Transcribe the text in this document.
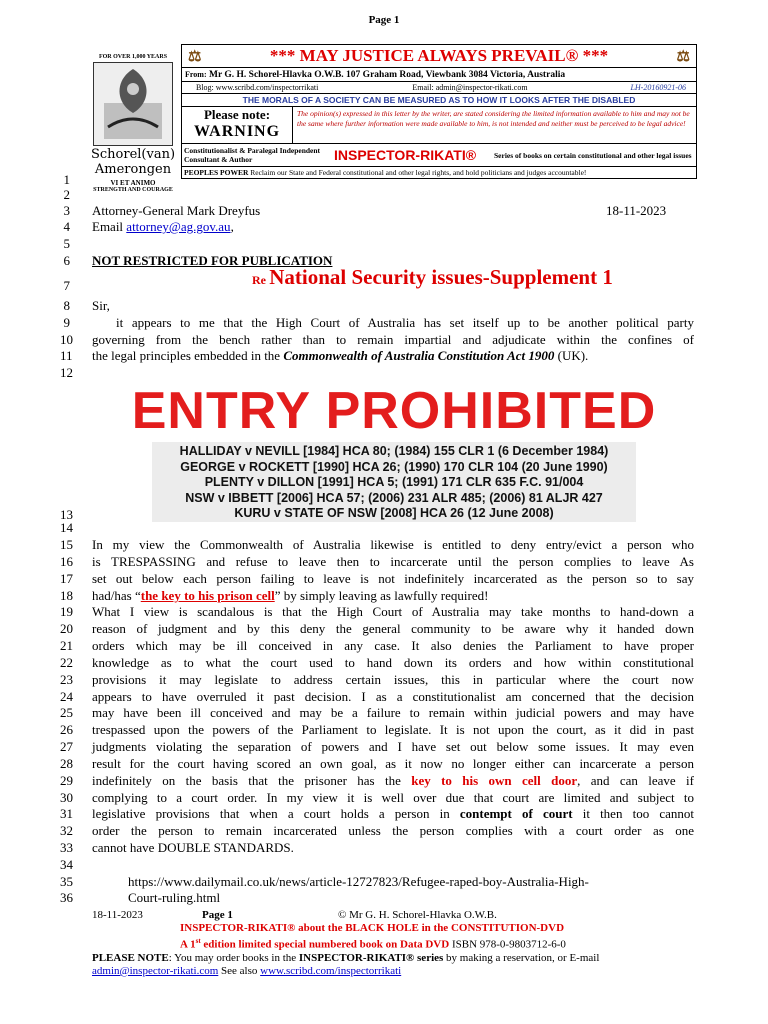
Page 1
FOR OVER 1,000 YEARS
Schorel(van) Amerongen
VI ET ANIMO
STRENGTH AND COURAGE
⚖	*** MAY JUSTICE ALWAYS PREVAIL® ***	⚖
From: Mr G. H. Schorel-Hlavka O.W.B. 107 Graham Road, Viewbank 3084 Victoria, Australia
Blog: www.scribd.com/inspectorrikati	Email: admin@inspector-rikati.com	LH-20160921-06
THE MORALS OF A SOCIETY CAN BE MEASURED AS TO HOW IT LOOKS AFTER THE DISABLED
Please note:
WARNING
The opinion(s) expressed in this letter by the writer, are stated considering the limited information available to him and may not be the same where further information were made available to him, is not intended and neither must be perceived to be legal advice!
Constitutionalist & Paralegal Independent Consultant & Author	INSPECTOR-RIKATI®	Series of books on certain constitutional and other legal issues
PEOPLES POWER Reclaim our State and Federal constitutional and other legal rights, and hold politicians and judges accountable!
1
2
3
4
5
6
7
8
9
10
11
12
13
14
15
16
17
18
19
20
21
22
23
24
25
26
27
28
29
30
31
32
33
34
35
36
Attorney-General Mark Dreyfus	18-11-2023
Email attorney@ag.gov.au,
NOT RESTRICTED FOR PUBLICATION
Re National Security issues-Supplement 1
Sir,
it appears to me that the High Court of Australia has set itself up to be another political party
governing from the bench rather than to remain impartial and adjudicate within the confines of
the legal principles embedded in the Commonwealth of Australia Constitution Act 1900 (UK).
ENTRY PROHIBITED
HALLIDAY v NEVILL [1984] HCA 80; (1984) 155 CLR 1 (6 December 1984)
GEORGE v ROCKETT [1990] HCA 26; (1990) 170 CLR 104 (20 June 1990)
PLENTY v DILLON [1991] HCA 5; (1991) 171 CLR 635 F.C. 91/004
NSW v IBBETT [2006] HCA 57; (2006) 231 ALR 485; (2006) 81 ALJR 427
KURU v STATE OF NSW [2008] HCA 26 (12 June 2008)
In my view the Commonwealth of Australia likewise is entitled to deny entry/evict a person who
is TRESPASSING and refuse to leave then to incarcerate until the person complies to leave As
set out below each person failing to leave is not indefinitely incarcerated as the person so to say
had/has “the key to his prison cell” by simply leaving as lawfully required!
What I view is scandalous is that the High Court of Australia may take months to hand-down a
reason of judgment and by this deny the general community to be aware why it handed down
orders which may be ill conceived in any case. It also denies the Parliament to have proper
knowledge as to what the court used to hand down its orders and how within constitutional
provisions it may legislate to address certain issues, this in particular where the court now
appears to have overruled it past decision. I as a constitutionalist am concerned that the decision
may have been ill conceived and may be a failure to remain within judicial powers and may have
trespassed upon the powers of the Parliament to legislate. It is not upon the court, as it did in past
judgments violating the separation of powers and I have set out below some issues. It may even
result for the court having scored an own goal, as it now no longer either can incarcerate a person
indefinitely on the basis that the prisoner has the key to his own cell door, and can leave if
complying to a court order. In my view it is well over due that court are limited and subject to
legislative provisions that when a court holds a person in contempt of court it then too cannot
order the person to remain incarcerated unless the person complies with a court order as one
cannot have DOUBLE STANDARDS.
https://www.dailymail.co.uk/news/article-12727823/Refugee-raped-boy-Australia-High-
Court-ruling.html
18-11-2023	Page 1	© Mr G. H. Schorel-Hlavka O.W.B.
INSPECTOR-RIKATI® about the BLACK HOLE in the CONSTITUTION-DVD
A 1st edition limited special numbered book on Data DVD ISBN 978-0-9803712-6-0
PLEASE NOTE: You may order books in the INSPECTOR-RIKATI® series by making a reservation, or E-mail
admin@inspector-rikati.com See also www.scribd.com/inspectorrikati
